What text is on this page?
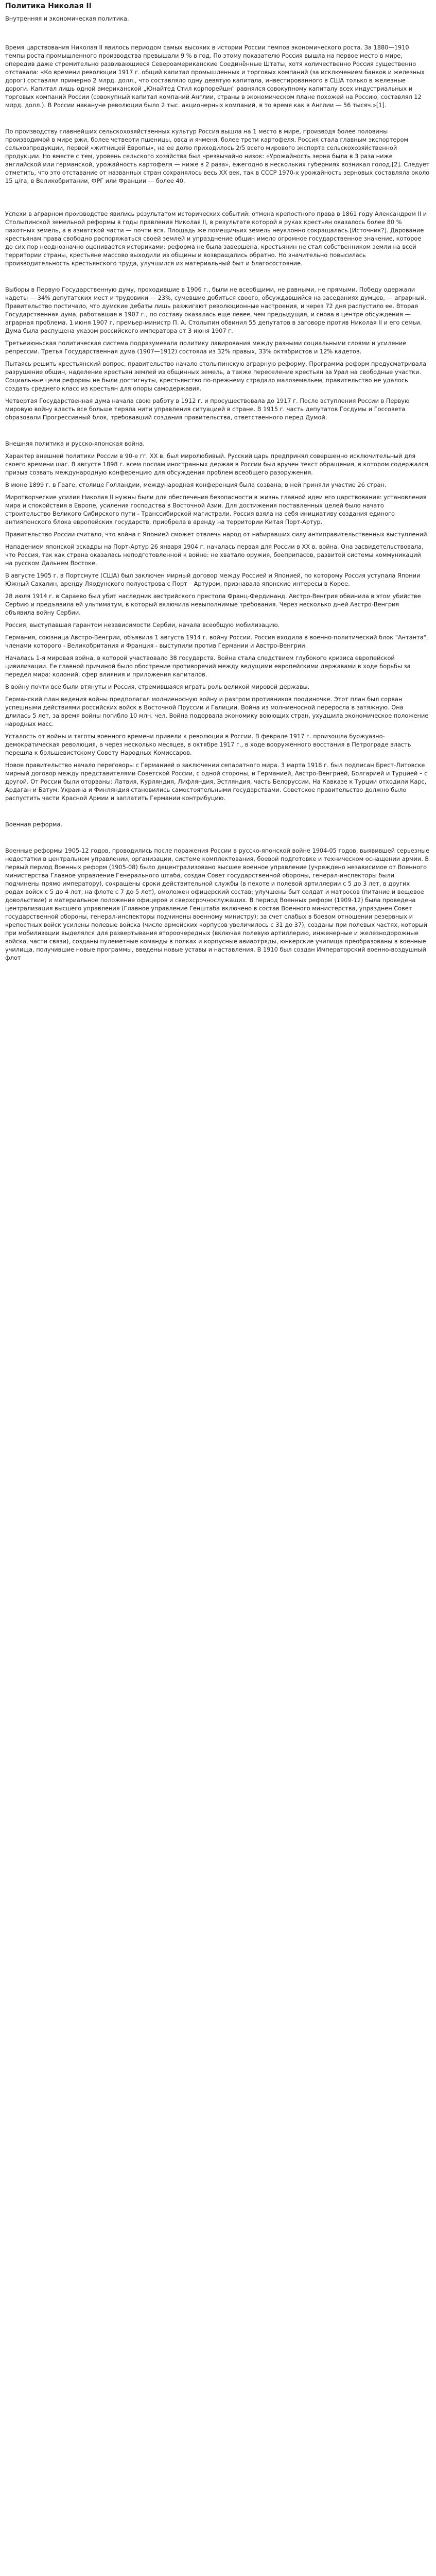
Политика Николая II

Внутренняя и экономическая политика.

Время царствования Николая II явилось периодом самых высоких в истории России темпов экономического роста. За 1880—1910 темпы роста промышленного производства превышали 9 % в год. По этому показателю Россия вышла на первое место в мире, опередив даже стремительно развивающиеся Североамериканские Соединённые Штаты, хотя количественно Россия существенно отставала: «Ко времени революции 1917 г. общий капитал промышленных и торговых компаний (за исключением банков и железных дорог) составлял примерно 2 млрд. долл., что составляло одну девятую капитала, инвестированного в США только в железные дороги. Капитал лишь одной американской „Юнайтед Стил корпорейшн" равнялся совокупному капиталу всех индустриальных и торговых компаний России (совокупный капитал компаний Англии, страны в экономическом плане похожей на Россию, составлял 12 млрд. долл.). В России накануне революции было 2 тыс. акционерных компаний, в то время как в Англии — 56 тысяч.»[1].

По производству главнейших сельскохозяйственных культур Россия вышла на 1 место в мире, производя более половины производимой в мире ржи, более четверти пшеницы, овса и ячменя, более трети картофеля. Россия стала главным экспортером сельхозпродукции, первой «житницей Европы», на ее долю приходилось 2/5 всего мирового экспорта сельскохозяйственной продукции. Но вместе с тем, уровень сельского хозяйства был чрезвычайно низок: «Урожайность зерна была в 3 раза ниже английской или германской, урожайность картофеля — ниже в 2 раза», ежегодно в нескольких губерниях возникал голод.[2]. Следует отметить, что это отставание от названных стран сохранялось весь XX век, так в СССР 1970-х урожайность зерновых составляла около 15 ц/га, в Великобритании, ФРГ или Франции — более 40.

Успехи в аграрном производстве явились результатом исторических событий: отмена крепостного права в 1861 году Александром II и Столыпинской земельной реформы в годы правления Николая II, в результате которой в руках крестьян оказалось более 80 % пахотных земель, а в азиатской части — почти вся. Площадь же помещичьих земель неуклонно сокращалась.[Источник?]. Дарование крестьянам права свободно распоряжаться своей землей и упразднение общин имело огромное государственное значение, которое до сих пор неоднозначно оценивается историками: реформа не была завершена, крестьянин не стал собственником земли на всей территории страны, крестьяне массово выходили из общины и возвращались обратно. Но значительно повысилась производительность крестьянского труда, улучшился их материальный быт и благосостояние.

Выборы в Первую Государственную думу, проходившие в 1906 г., были не всеобщими, не равными, не прямыми. Победу одержали кадеты — 34% депутатских мест и трудовики — 23%, сумевшие добиться своего, обсуждавшийся на заседаниях думцев, — аграрный. Правительство постичало, что думские дебаты лишь разжигают революционные настроения, и через 72 дня распустило ее. Вторая Государственная дума, работавшая в 1907 г., по составу оказалась еще левее, чем предыдущая, и снова в центре обсуждения — аграрная проблема. 1 июня 1907 г. премьер-министр П. А. Столыпин обвинил 55 депутатов в заговоре против Николая II и его семьи. Дума была распущена указом российского императора от 3 июня 1907 г.

Третьеиюньская политическая система подразумевала политику лавирования между разными социальными слоями и усиление репрессии. Третья Государственная дума (1907—1912) состояла из 32% правых, 33% октябристов и 12% кадетов.

Пытаясь решить крестьянский вопрос, правительство начало столыпинскую аграрную реформу. Программа реформ предусматривала разрушение общин, наделение крестьян землей из общинных земель, а также переселение крестьян за Урал на свободные участки. Социальные цели реформы не были достигнуты, крестьянство по-прежнему страдало малоземельем, правительство не удалось создать среднего класс из крестьян для опоры самодержавия.

Четвертая Государственная дума начала свою работу в 1912 г. и просуществовала до 1917 г. После вступления России в Первую мировую войну власть все больше теряла нити управления ситуацией в стране. В 1915 г. часть депутатов Госдумы и Госсовета образовали Прогрессивный блок, требовавший создания правительства, ответственного перед Думой.

Внешняя политика и русско-японская война.

Характер внешней политики России в 90-е гг. XX в. был миролюбивый. Русский царь предпринял совершенно исключительный для своего времени шаг. В августе 1898 г. всем послам иностранных держав в России был вручен текст обращения, в котором содержался призыв созвать международную конференцию для обсуждения проблем всеобщего разоружения.

В июне 1899 г. в Гааге, столице Голландии, международная конференция была созвана, в ней приняли участие 26 стран.

Миротворческие усилия Николая II нужны были для обеспечения безопасности в жизнь главной идеи его царствования: установления мира и спокойствия в Европе, усиления господства в Восточной Азии. Для достижения поставленных целей было начато строительство Великого Сибирского пути - Транссибирской магистрали. Россия взяла на себя инициативу создания единого антияпонского блока европейских государств, приобрела в аренду на территории Китая Порт-Артур.

Правительство России считало, что война с Японией сможет отвлечь народ от набиравших силу антиправительственных выступлений.

Нападением японской эскадры на Порт-Артур 26 января 1904 г. началась первая для России в XX в. война. Она засвидетельствовала, что Россия, так как страна оказалась неподготовленной к войне: не хватало оружия, боеприпасов, развитой системы коммуникаций на русском Дальнем Востоке.

В августе 1905 г. в Портсмуте (США) был заключен мирный договор между Россией и Японией, по которому Россия уступала Японии Южный Сахалин, аренду Ляодунского полуострова с Порт – Артуром, признавала японские интересы в Корее.

28 июля 1914 г. в Сараево был убит наследник австрийского престола Франц-Фердинанд. Австро-Венгрия обвинила в этом убийстве Сербию и предъявила ей ультиматум, в который включила невыполнимые требования. Через несколько дней Австро-Венгрия объявила войну Сербии.

Россия, выступавшая гарантом независимости Сербии, начала всеобщую мобилизацию.

Германия, союзница Австро-Венгрии, объявила 1 августа 1914 г. войну России. Россия входила в военно-политический блок "Антанта", членами которого - Великобритания и Франция - выступили против Германии и Австро-Венгрии.

Началась 1-я мировая война, в которой участвовало 38 государств. Война стала следствием глубокого кризиса европейской цивилизации. Ее главной причиной было обострение противоречий между ведущими европейскими державами в ходе борьбы за передел мира: колоний, сфер влияния и приложения капиталов.

В войну почти все были втянуты и Россия, стремившаяся играть роль великой мировой державы.

Германский план ведения войны предполагал молниеносную войну и разгром противников поодиночке. Этот план был сорван успешными действиями российских войск в Восточной Пруссии и Галиции. Война из молниеносной переросла в затяжную. Она длилась 5 лет, за время войны погибло 10 млн. чел. Война подорвала экономику воюющих стран, ухудшила экономическое положение народных масс.

Усталость от войны и тяготы военного времени привели к революции в России. В феврале 1917 г. произошла буржуазно-демократическая революция, а через несколько месяцев, в октябре 1917 г., в ходе вооруженного восстания в Петрограде власть перешла к большевистскому Совету Народных Комиссаров.

Новое правительство начало переговоры с Германией о заключении сепаратного мира. 3 марта 1918 г. был подписан Брест-Литовске мирный договор между представителями Советской России, с одной стороны, и Германией, Австро-Венгрией, Болгарией и Турцией – с другой. От России были оторваны: Латвия, Курляндия, Лифляндия, Эстляндия, часть Белоруссии. На Кавказе к Турции отходили Карс, Ардаган и Батум. Украина и Финляндия становились самостоятельными государствами. Советское правительство должно было распустить части Красной Армии и заплатить Германии контрибуцию.

Военная реформа.

Военные реформы 1905-12 годов, проводились после поражения России в русско-японской войне 1904-05 годов, выявившей серьезные недостатки в центральном управлении, организации, системе комплектования, боевой подготовке и техническом оснащении армии. В первый период Военных реформ (1905-08) было децентрализовано высшее военное управление (учреждено независимое от Военного министерства Главное управление Генерального штаба, создан Совет государственной обороны, генерал-инспекторы были подчинены прямо императору), сокращены сроки действительной службы (в пехоте и полевой артиллерии с 5 до 3 лет, в других родах войск с 5 до 4 лет, на флоте с 7 до 5 лет), омоложен офицерский состав; улучшены быт солдат и матросов (питание и вещевое довольствие) и материальное положение офицеров и сверхсрочнослужащих. В период Военных реформ (1909-12) была проведена централизация высшего управления (Главное управление Генштаба включено в состав Военного министерства, упразднен Совет государственной обороны, генерал-инспекторы подчинены военному министру); за счет слабых в боевом отношении резервных и крепостных войск усилены полевые войска (число армейских корпусов увеличилось с 31 до 37), созданы при полевых частях, который при мобилизации выделялся для развертывания второочередных (включая полевую артиллерию, инженерные и железнодорожные войска, части связи), созданы пулеметные команды в полках и корпусные авиаотряды, юнкерские училища преобразованы в военные училища, получившие новые программы, введены новые уставы и наставления. В 1910 был создан Императорский военно-воздушный флот
